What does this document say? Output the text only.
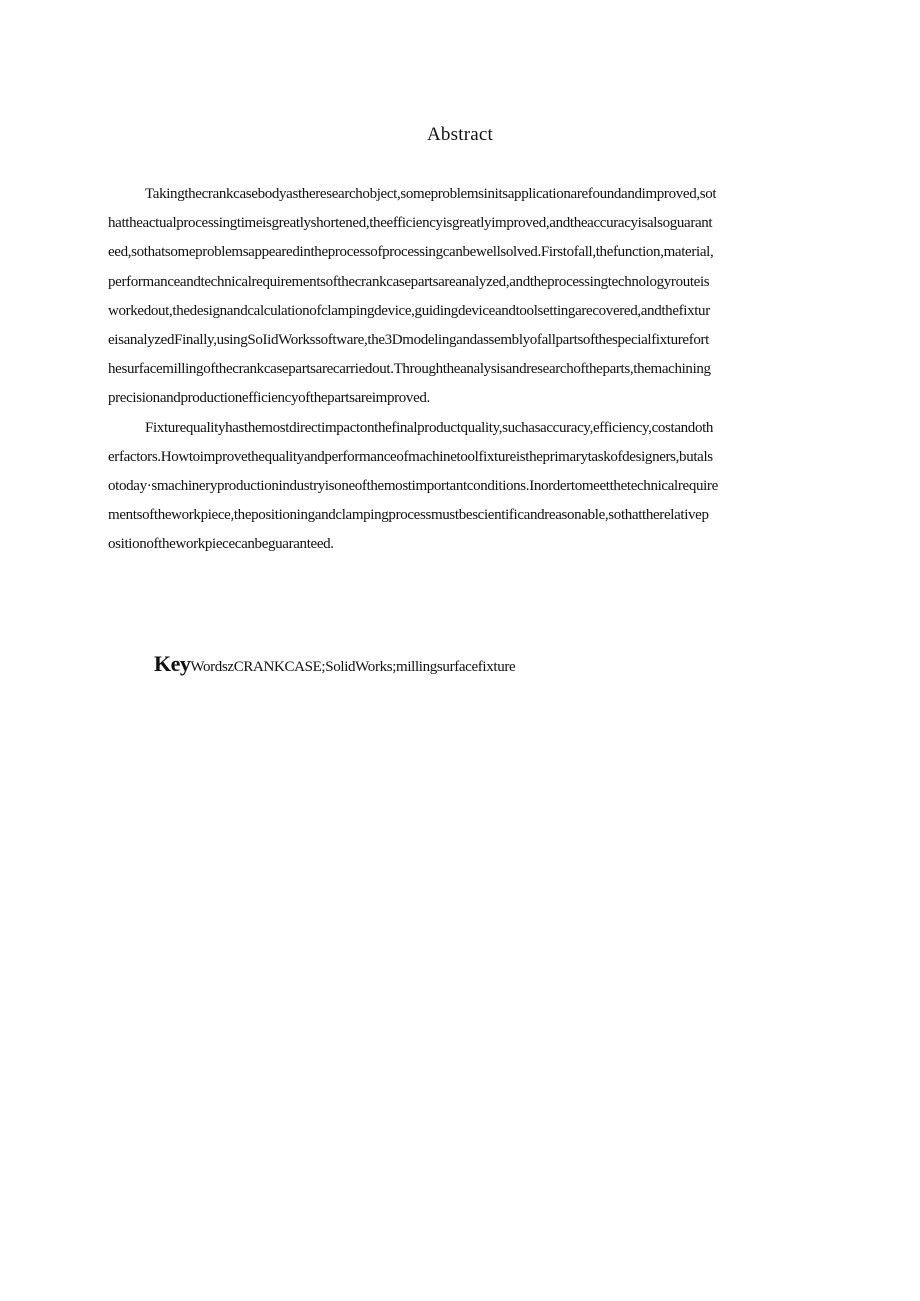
Abstract
Takingthecrankcasebodyastheresearchobject,someproblemsinitsapplicationarefoundandimproved,sot
hattheactualprocessingtimeisgreatlyshortened,theefficiencyisgreatlyimproved,andtheaccuracyisalsoguarant
eed,sothatsomeproblemsappearedintheprocessofprocessingcanbewellsolved.Firstofall,thefunction,material,
performanceandtechnicalrequirementsofthecrankcasepartsareanalyzed,andtheprocessingtechnologyrouteis
workedout,thedesignandcalculationofclampingdevice,guidingdeviceandtoolsettingarecovered,andthefixtur
eisanalyzedFinally,usingSoIidWorkssoftware,the3Dmodelingandassemblyofallpartsofthespecialfixturefort
hesurfacemillingofthecrankcasepartsarecarriedout.Throughtheanalysisandresearchoftheparts,themachining
precisionandproductionefficiencyofthepartsareimproved.
Fixturequalityhasthemostdirectimpactonthefinalproductquality,suchasaccuracy,efficiency,costandoth
erfactors.Howtoimprovethequalityandperformanceofmachinetoolfixtureistheprimarytaskofdesigners,butals
otoday·smachineryproductionindustryisoneofthemostimportantconditions.Inordertomeetthetechnicalrequire
mentsoftheworkpiece,thepositioningandclampingprocessmustbescientificandreasonable,sothattherelativep
ositionoftheworkpiececanbeguaranteed.
KeyWordszCRANKCASE;SolidWorks;millingsurfacefixture
